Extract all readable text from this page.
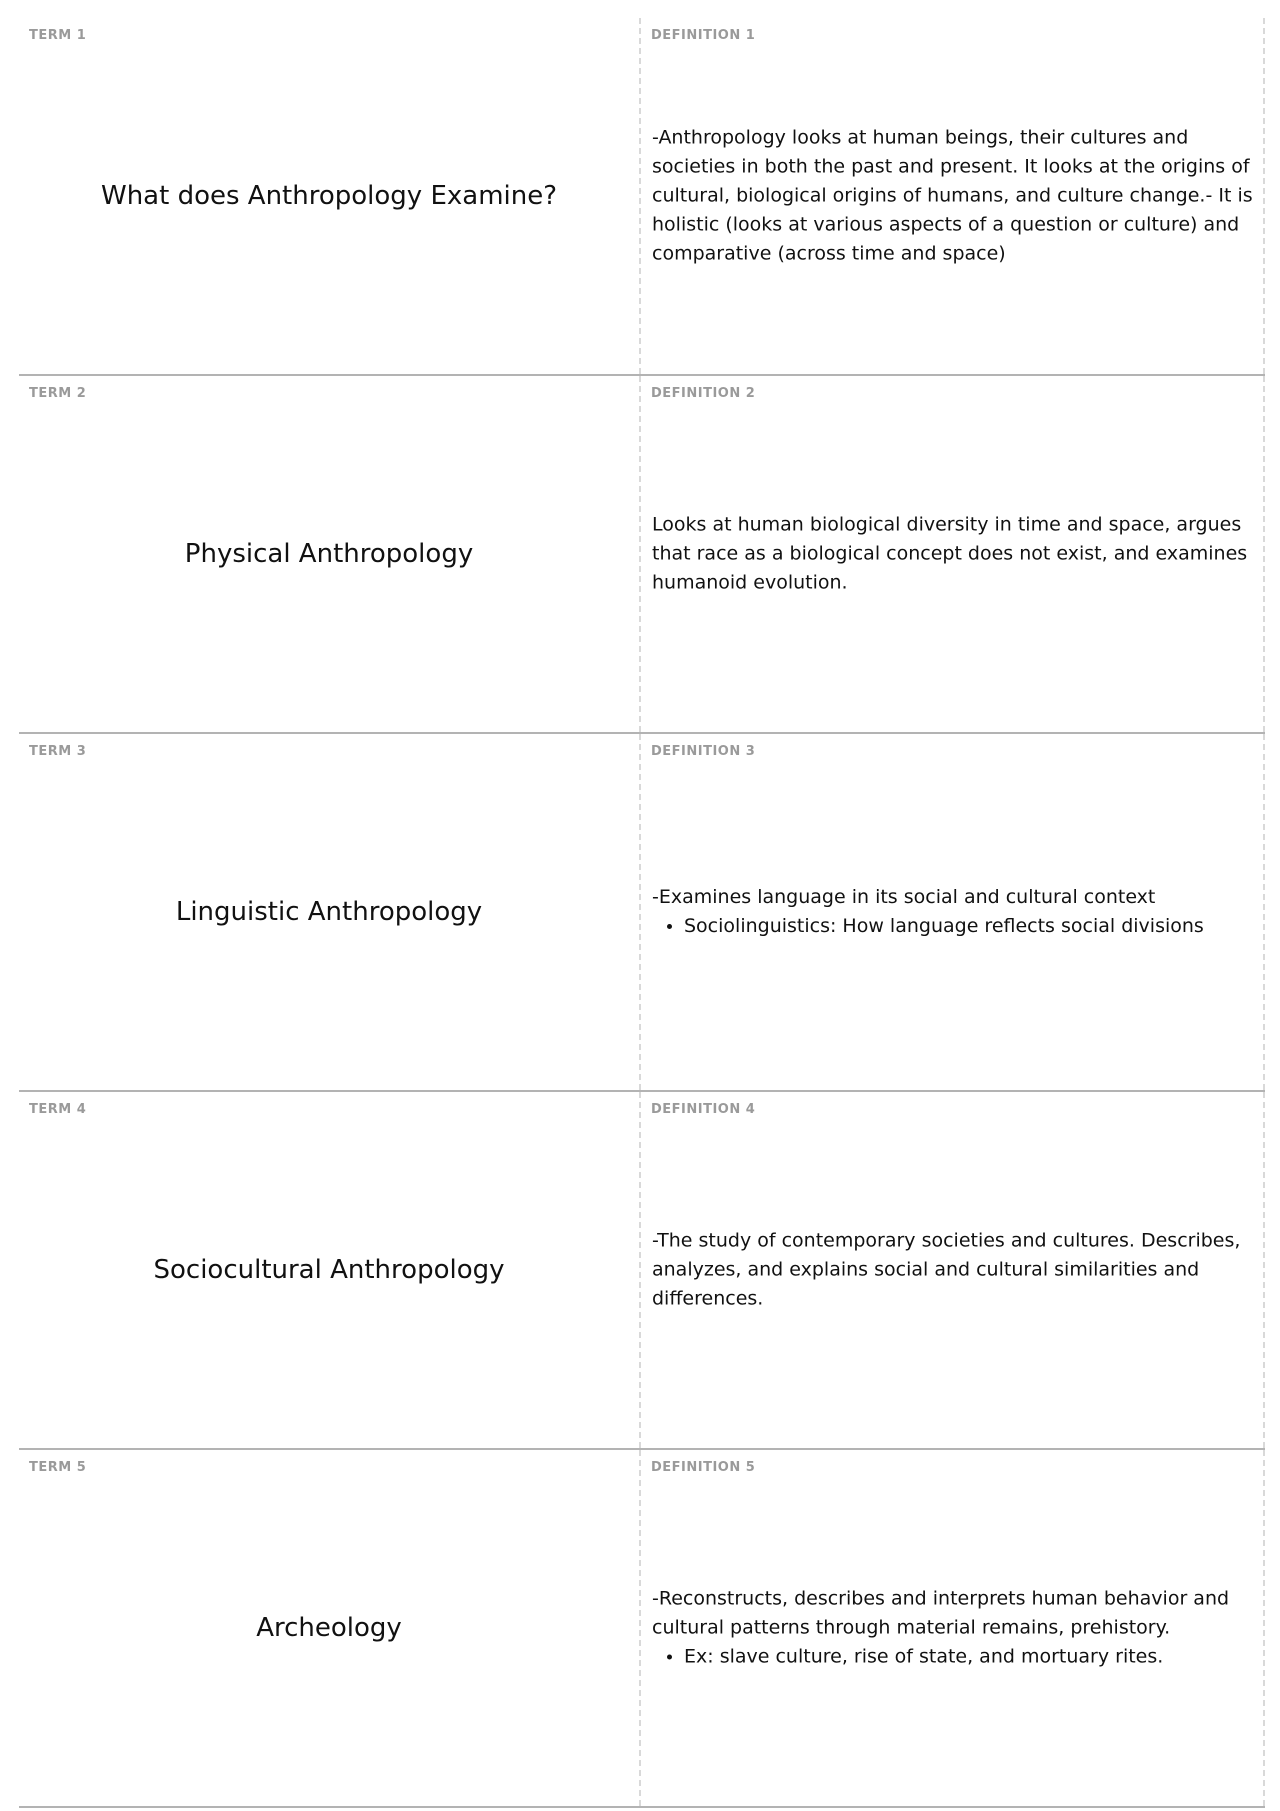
TERM 1
What does Anthropology Examine?
DEFINITION 1

-Anthropology looks at human beings, their cultures and societies in both the past and present. It looks at the origins of cultural, biological origins of humans, and culture change.- It is holistic (looks at various aspects of a question or culture) and comparative (across time and space)

TERM 2
Physical Anthropology
DEFINITION 2

Looks at human biological diversity in time and space, argues that race as a biological concept does not exist, and examines humanoid evolution.

TERM 3
Linguistic Anthropology
DEFINITION 3

-Examines language in its social and cultural context

• Sociolinguistics: How language reflects social divisions
TERM 4
Sociocultural Anthropology
DEFINITION 4

-The study of contemporary societies and cultures. Describes, analyzes, and explains social and cultural similarities and differences.

TERM 5
Archeology
DEFINITION 5

-Reconstructs, describes and interprets human behavior and cultural patterns through material remains, prehistory.

• Ex: slave culture, rise of state, and mortuary rites.
